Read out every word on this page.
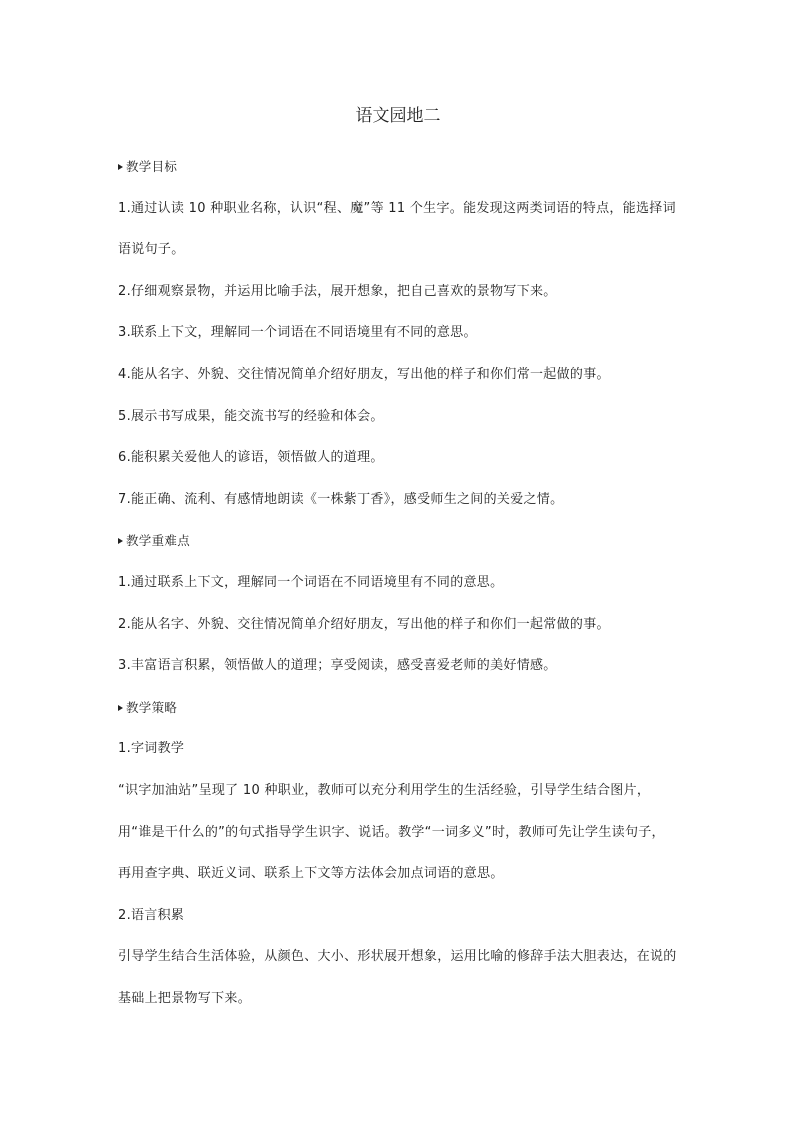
语文园地二

教学目标

1.通过认读 10 种职业名称，认识“程、魔”等 11 个生字。能发现这两类词语的特点，能选择词语说句子。

2.仔细观察景物，并运用比喻手法，展开想象，把自己喜欢的景物写下来。

3.联系上下文，理解同一个词语在不同语境里有不同的意思。

4.能从名字、外貌、交往情况简单介绍好朋友，写出他的样子和你们常一起做的事。

5.展示书写成果，能交流书写的经验和体会。

6.能积累关爱他人的谚语，领悟做人的道理。

7.能正确、流利、有感情地朗读《一株紫丁香》，感受师生之间的关爱之情。

教学重难点

1.通过联系上下文，理解同一个词语在不同语境里有不同的意思。

2.能从名字、外貌、交往情况简单介绍好朋友，写出他的样子和你们一起常做的事。

3.丰富语言积累，领悟做人的道理；享受阅读，感受喜爱老师的美好情感。

教学策略

1.字词教学

“识字加油站”呈现了 10 种职业，教师可以充分利用学生的生活经验，引导学生结合图片，用“谁是干什么的”的句式指导学生识字、说话。教学“一词多义”时，教师可先让学生读句子，再用查字典、联近义词、联系上下文等方法体会加点词语的意思。

2.语言积累

引导学生结合生活体验，从颜色、大小、形状展开想象，运用比喻的修辞手法大胆表达，在说的基础上把景物写下来。
